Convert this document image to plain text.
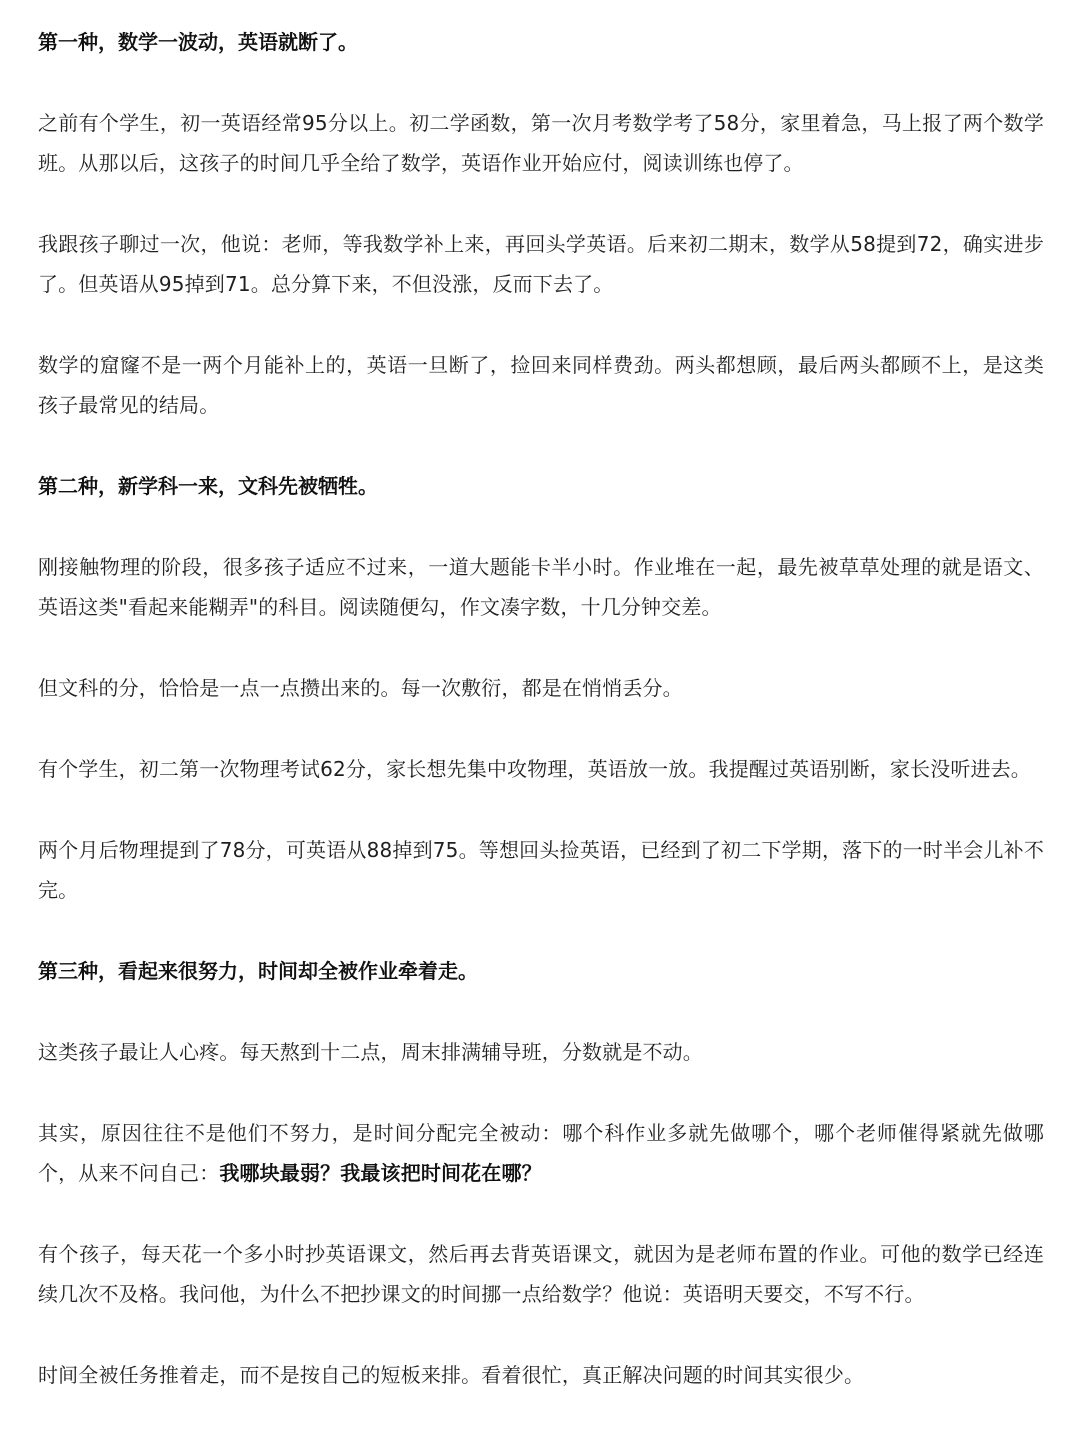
第一种，数学一波动，英语就断了。

之前有个学生，初一英语经常95分以上。初二学函数，第一次月考数学考了58分，家里着急，马上报了两个数学班。从那以后，这孩子的时间几乎全给了数学，英语作业开始应付，阅读训练也停了。

我跟孩子聊过一次，他说：老师，等我数学补上来，再回头学英语。后来初二期末，数学从58提到72，确实进步了。但英语从95掉到71。总分算下来，不但没涨，反而下去了。

数学的窟窿不是一两个月能补上的，英语一旦断了，捡回来同样费劲。两头都想顾，最后两头都顾不上，是这类孩子最常见的结局。

第二种，新学科一来，文科先被牺牲。

刚接触物理的阶段，很多孩子适应不过来，一道大题能卡半小时。作业堆在一起，最先被草草处理的就是语文、英语这类"看起来能糊弄"的科目。阅读随便勾，作文凑字数，十几分钟交差。

但文科的分，恰恰是一点一点攒出来的。每一次敷衍，都是在悄悄丢分。

有个学生，初二第一次物理考试62分，家长想先集中攻物理，英语放一放。我提醒过英语别断，家长没听进去。

两个月后物理提到了78分，可英语从88掉到75。等想回头捡英语，已经到了初二下学期，落下的一时半会儿补不完。

第三种，看起来很努力，时间却全被作业牵着走。

这类孩子最让人心疼。每天熬到十二点，周末排满辅导班，分数就是不动。

其实，原因往往不是他们不努力，是时间分配完全被动：哪个科作业多就先做哪个，哪个老师催得紧就先做哪个，从来不问自己：我哪块最弱？我最该把时间花在哪？

有个孩子，每天花一个多小时抄英语课文，然后再去背英语课文，就因为是老师布置的作业。可他的数学已经连续几次不及格。我问他，为什么不把抄课文的时间挪一点给数学？他说：英语明天要交，不写不行。

时间全被任务推着走，而不是按自己的短板来排。看着很忙，真正解决问题的时间其实很少。
